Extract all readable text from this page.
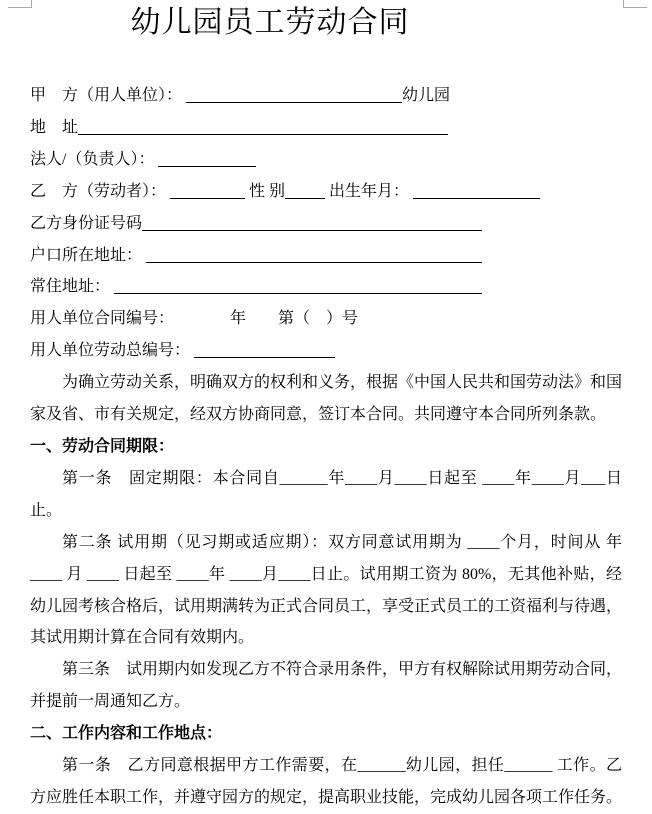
幼儿园员工劳动合同
甲　方（用人单位）：	幼儿园
地　址
法人/（负责人）：
乙　方（劳动者）：	性 别	出生年月：
乙方身份证号码
户口所在地址：
常住地址：
用人单位合同编号：　　　　年　　第（　）号
用人单位劳动总编号：
为确立劳动关系，明确双方的权利和义务，根据《中国人民共和国劳动法》和国家及省、市有关规定，经双方协商同意，签订本合同。共同遵守本合同所列条款。
一、劳动合同期限：
第一条　固定期限：本合同自______年____月____日起至 ____年____月___日止。
第二条 试用期（见习期或适应期）：双方同意试用期为 ____个月，时间从 年 ____ 月 ____ 日起至 ____年 ____月____日止。试用期工资为 80%，无其他补贴，经幼儿园考核合格后，试用期满转为正式合同员工，享受正式员工的工资福利与待遇，其试用期计算在合同有效期内。
第三条　试用期内如发现乙方不符合录用条件，甲方有权解除试用期劳动合同，并提前一周通知乙方。
二、工作内容和工作地点：
第一条　乙方同意根据甲方工作需要，在______幼儿园，担任______ 工作。乙方应胜任本职工作，并遵守园方的规定，提高职业技能，完成幼儿园各项工作任务。
